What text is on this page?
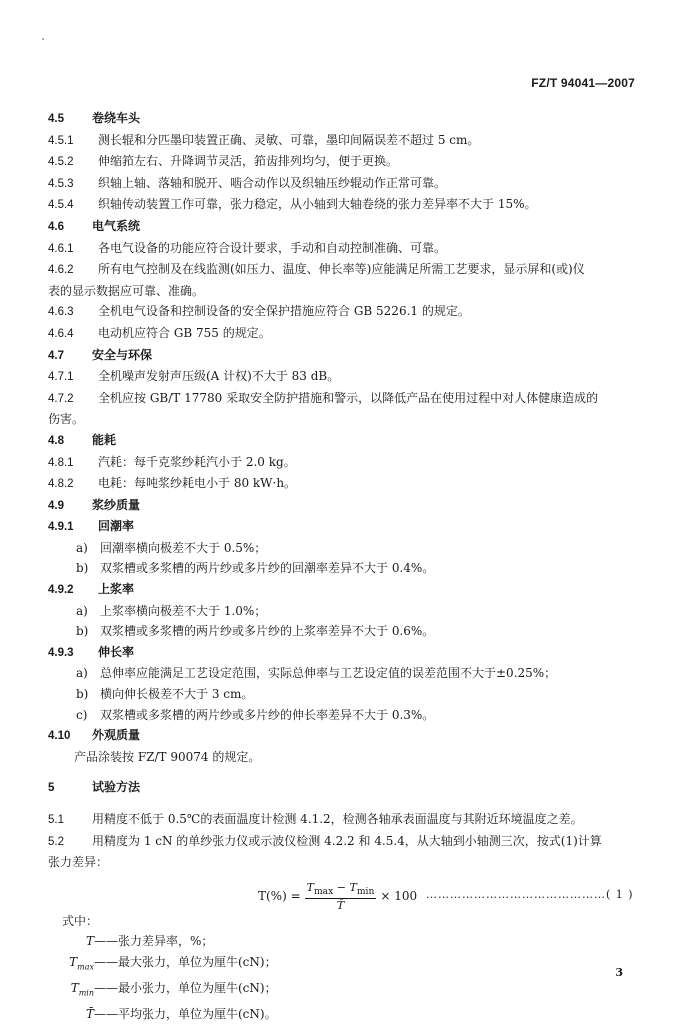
FZ/T 94041—2007
4.5 卷绕车头
4.5.1 测长辊和分匹墨印装置正确、灵敏、可靠，墨印间隔误差不超过 5 cm。
4.5.2 伸缩筘左右、升降调节灵活，筘齿排列均匀，便于更换。
4.5.3 织轴上轴、落轴和脱开、啮合动作以及织轴压纱辊动作正常可靠。
4.5.4 织轴传动装置工作可靠，张力稳定，从小轴到大轴卷绕的张力差异率不大于 15%。
4.6 电气系统
4.6.1 各电气设备的功能应符合设计要求，手动和自动控制准确、可靠。
4.6.2 所有电气控制及在线监测(如压力、温度、伸长率等)应能满足所需工艺要求，显示屏和(或)仪
表的显示数据应可靠、准确。
4.6.3 全机电气设备和控制设备的安全保护措施应符合 GB 5226.1 的规定。
4.6.4 电动机应符合 GB 755 的规定。
4.7 安全与环保
4.7.1 全机噪声发射声压级(A 计权)不大于 83 dB。
4.7.2 全机应按 GB/T 17780 采取安全防护措施和警示，以降低产品在使用过程中对人体健康造成的
伤害。
4.8 能耗
4.8.1 汽耗：每千克浆纱耗汽小于 2.0 kg。
4.8.2 电耗：每吨浆纱耗电小于 80 kW·h。
4.9 浆纱质量
4.9.1 回潮率
a) 回潮率横向极差不大于 0.5%；
b) 双浆槽或多浆槽的两片纱或多片纱的回潮率差异不大于 0.4%。
4.9.2 上浆率
a) 上浆率横向极差不大于 1.0%；
b) 双浆槽或多浆槽的两片纱或多片纱的上浆率差异不大于 0.6%。
4.9.3 伸长率
a) 总伸率应能满足工艺设定范围，实际总伸率与工艺设定值的误差范围不大于±0.25%；
b) 横向伸长极差不大于 3 cm。
c) 双浆槽或多浆槽的两片纱或多片纱的伸长率差异不大于 0.3%。
4.10 外观质量
产品涂装按 FZ/T 90074 的规定。
5	试验方法
5.1 用精度不低于 0.5℃的表面温度计检测 4.1.2，检测各轴承表面温度与其附近环境温度之差。
5.2 用精度为 1 cN 的单纱张力仪或示波仪检测 4.2.2 和 4.5.4，从大轴到小轴测三次，按式(1)计算
张力差异：
$T(\%) = \frac{T_{max} - T_{min}}{T̄} \times 100$ ………………………………………( 1 )
式中：
T——张力差异率，%；
$T_{max}——$最大张力，单位为厘牛(cN)；
$T_{min}——$最小张力，单位为厘牛(cN)；
T̄——平均张力，单位为厘牛(cN)。
3
